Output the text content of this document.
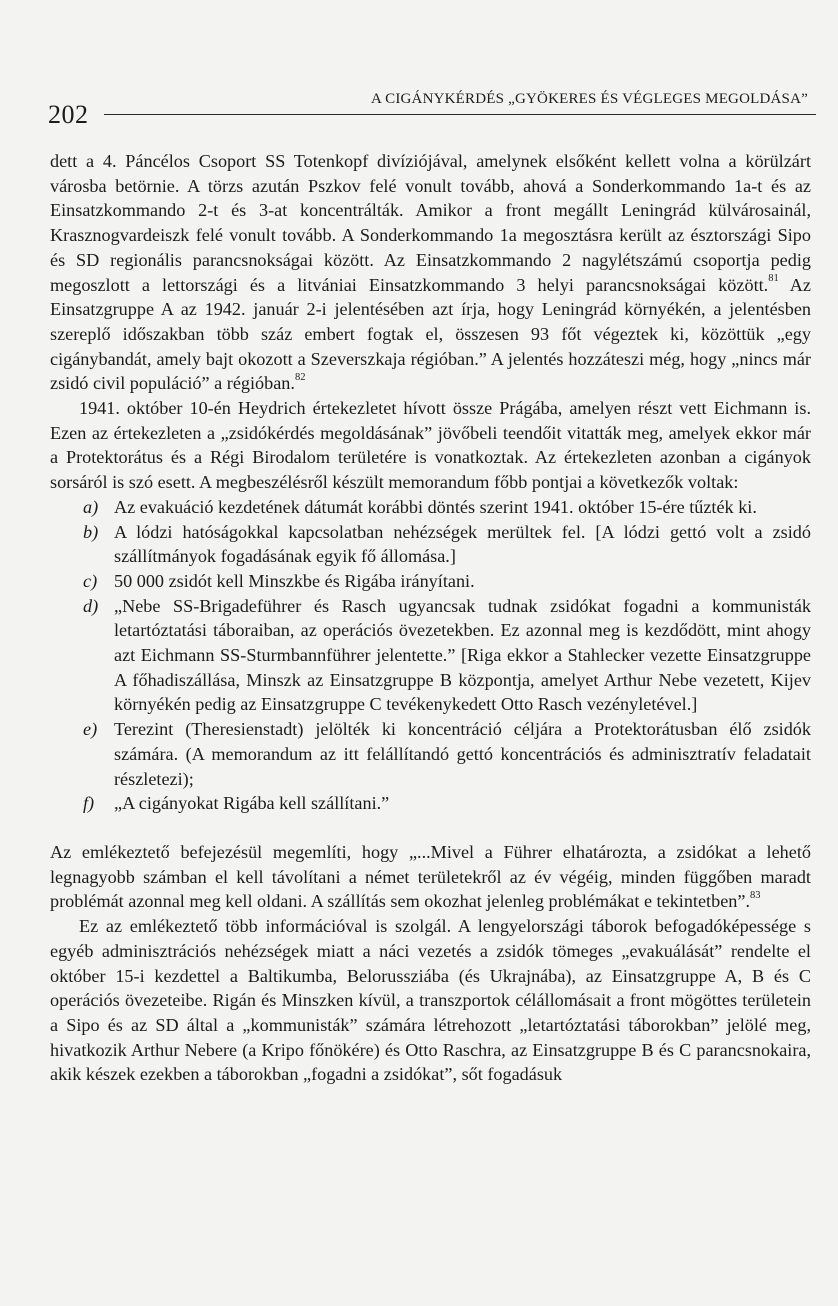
202
A CIGÁNYKÉRDÉS „GYÖKERES ÉS VÉGLEGES MEGOLDÁSA”

dett a 4. Páncélos Csoport SS Totenkopf divíziójával, amelynek elsőként kellett volna a körülzárt városba betörnie. A törzs azután Pszkov felé vonult tovább, ahová a Sonderkommando 1a-t és az Einsatzkommando 2-t és 3-at koncentrálták. Amikor a front megállt Leningrád külvárosainál, Krasznogvardeiszk felé vonult tovább. A Sonderkommando 1a megosztásra került az észtországi Sipo és SD regionális parancsnokságai között. Az Einsatzkommando 2 nagylétszámú csoportja pedig megoszlott a lettországi és a litvániai Einsatzkommando 3 helyi parancsnokságai között.$^{81}$ Az Einsatzgruppe A az 1942. január 2-i jelentésében azt írja, hogy Leningrád környékén, a jelentésben szereplő időszakban több száz embert fogtak el, összesen 93 főt végeztek ki, közöttük „egy cigánybandát, amely bajt okozott a Szeverszkaja régióban.” A jelentés hozzáteszi még, hogy „nincs már zsidó civil populáció” a régióban.$^{82}$

1941. október 10-én Heydrich értekezletet hívott össze Prágába, amelyen részt vett Eichmann is. Ezen az értekezleten a „zsidókérdés megoldásának” jövőbeli teendőit vitatták meg, amelyek ekkor már a Protektorátus és a Régi Birodalom területére is vonatkoztak. Az értekezleten azonban a cigányok sorsáról is szó esett. A megbeszélésről készült memorandum főbb pontjai a következők voltak:

a) Az evakuáció kezdetének dátumát korábbi döntés szerint 1941. október 15-ére tűzték ki.
b) A lódzi hatóságokkal kapcsolatban nehézségek merültek fel. [A lódzi gettó volt a zsidó szállítmányok fogadásának egyik fő állomása.]
c) 50 000 zsidót kell Minszkbe és Rigába irányítani.
d) „Nebe SS-Brigadeführer és Rasch ugyancsak tudnak zsidókat fogadni a kommunisták letartóztatási táboraiban, az operációs övezetekben. Ez azonnal meg is kezdődött, mint ahogy azt Eichmann SS-Sturmbannführer jelentette.” [Riga ekkor a Stahlecker vezette Einsatzgruppe A főhadiszállása, Minszk az Einsatzgruppe B központja, amelyet Arthur Nebe vezetett, Kijev környékén pedig az Einsatzgruppe C tevékenykedett Otto Rasch vezényletével.]
e) Terezint (Theresienstadt) jelölték ki koncentráció céljára a Protektorátusban élő zsidók számára. (A memorandum az itt felállítandó gettó koncentrációs és adminisztratív feladatait részletezi);
f)	„A cigányokat Rigába kell szállítani.”

Az emlékeztető befejezésül megemlíti, hogy „...Mivel a Führer elhatározta, a zsidókat a lehető legnagyobb számban el kell távolítani a német területekről az év végéig, minden függőben maradt problémát azonnal meg kell oldani. A szállítás sem okozhat jelenleg problémákat e tekintetben”.$^{83}$

Ez az emlékeztető több információval is szolgál. A lengyelországi táborok befogadóképessége s egyéb adminisztrációs nehézségek miatt a náci vezetés a zsidók tömeges „evakuálását” rendelte el október 15-i kezdettel a Baltikumba, Belorussziába (és Ukrajnába), az Einsatzgruppe A, B és C operációs övezeteibe. Rigán és Minszken kívül, a transzportok célállomásait a front mögöttes területein a Sipo és az SD által a „kommunisták” számára létrehozott „letartóztatási táborokban” jelölé meg, hivatkozik Arthur Nebere (a Kripo főnökére) és Otto Raschra, az Einsatzgruppe B és C parancsnokaira, akik készek ezekben a táborokban „fogadni a zsidókat”, sőt fogadásuk
